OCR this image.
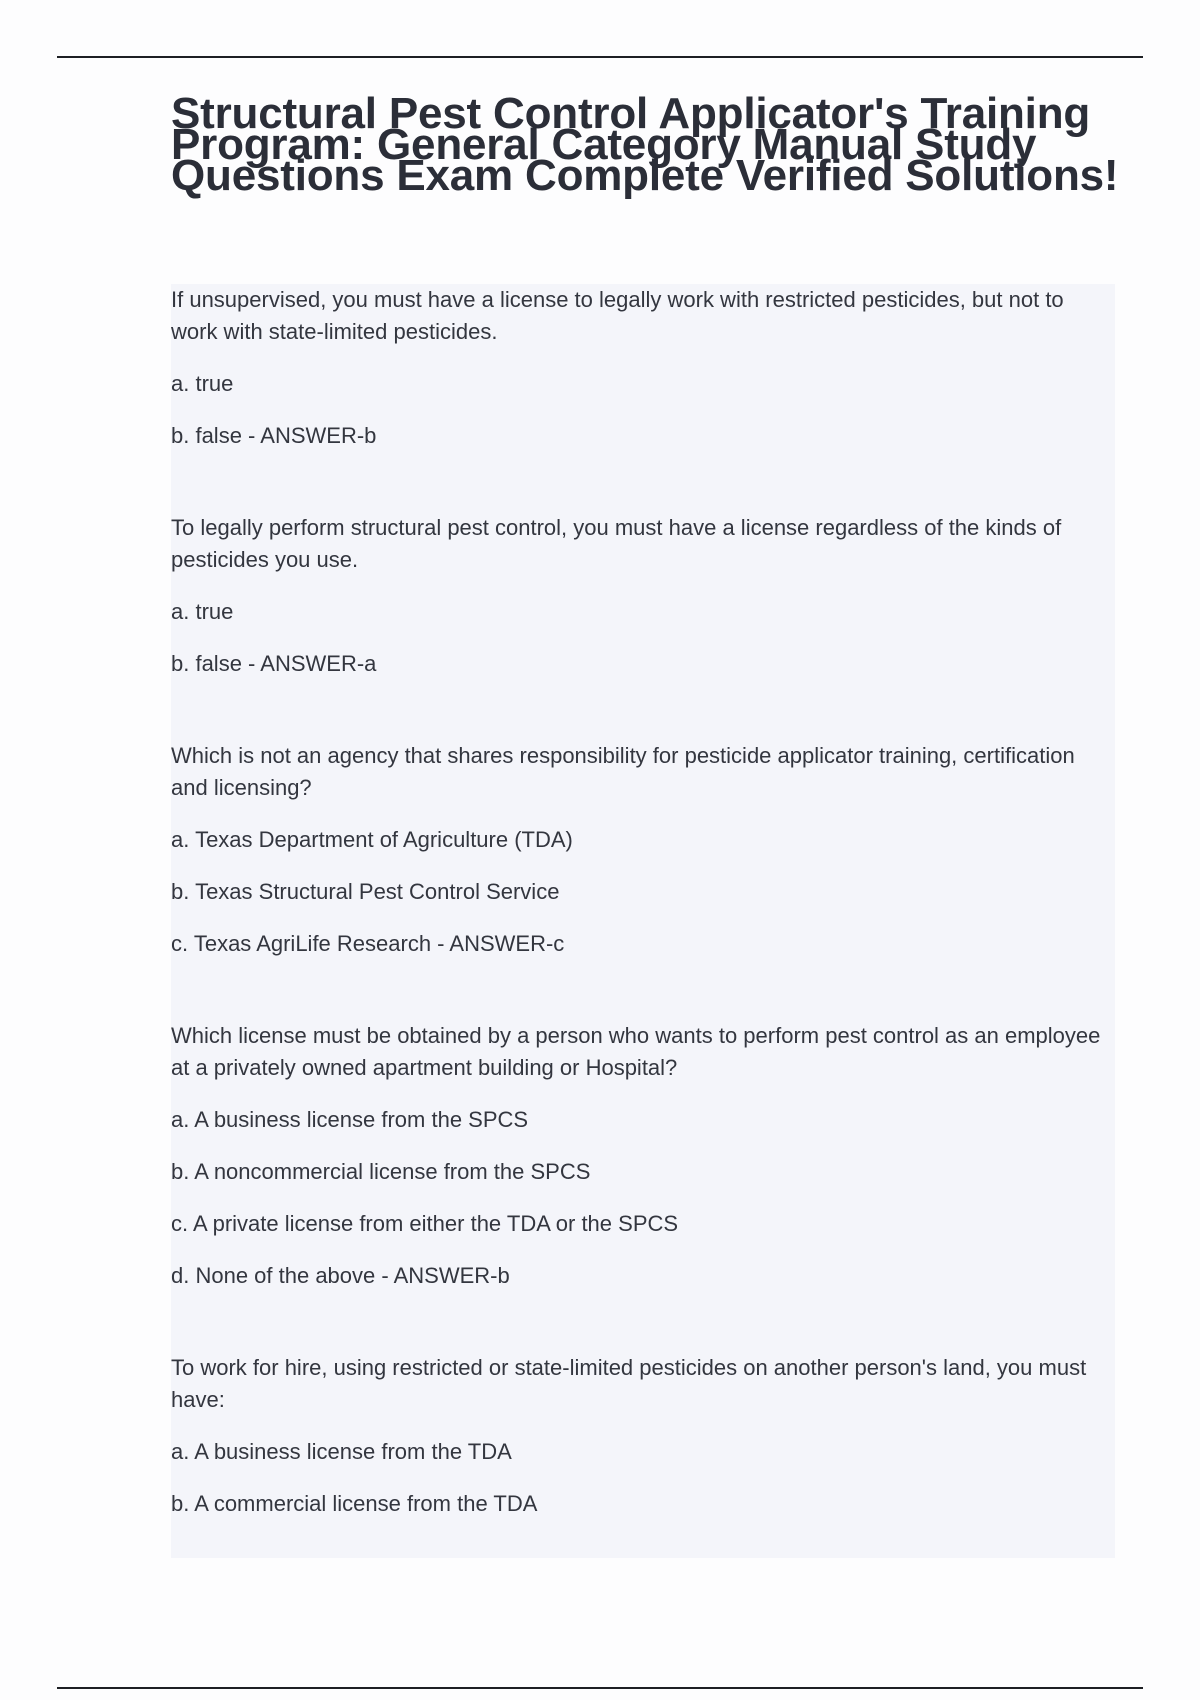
Structural Pest Control Applicator's Training Program: General Category Manual Study Questions Exam Complete Verified Solutions!

If unsupervised, you must have a license to legally work with restricted pesticides, but not to work with state-limited pesticides.

a. true

b. false - ANSWER-b

To legally perform structural pest control, you must have a license regardless of the kinds of pesticides you use.

a. true

b. false - ANSWER-a

Which is not an agency that shares responsibility for pesticide applicator training, certification and licensing?

a. Texas Department of Agriculture (TDA)

b. Texas Structural Pest Control Service

c. Texas AgriLife Research - ANSWER-c

Which license must be obtained by a person who wants to perform pest control as an employee at a privately owned apartment building or Hospital?

a. A business license from the SPCS

b. A noncommercial license from the SPCS

c. A private license from either the TDA or the SPCS

d. None of the above - ANSWER-b

To work for hire, using restricted or state-limited pesticides on another person's land, you must have:

a. A business license from the TDA

b. A commercial license from the TDA
